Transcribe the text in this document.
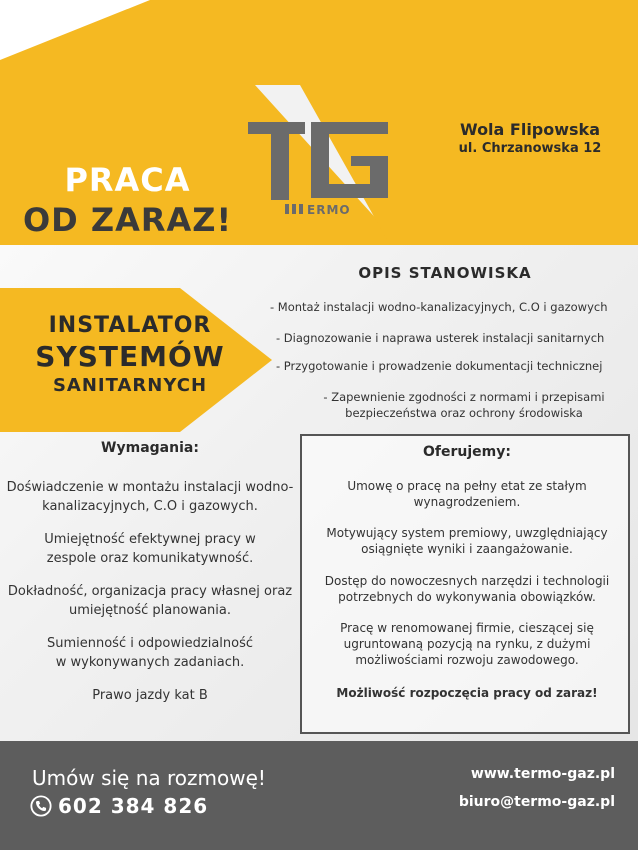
ERMO
PRACA
OD ZARAZ!
Wola Flipowska
ul. Chrzanowska 12
OPIS STANOWISKA
- Montaż instalacji wodno-kanalizacyjnych, C.O i gazowych
- Diagnozowanie i naprawa usterek instalacji sanitarnych
- Przygotowanie i prowadzenie dokumentacji technicznej
- Zapewnienie zgodności z normami i przepisami bezpieczeństwa oraz ochrony środowiska
INSTALATOR
SYSTEMÓW
SANITARNYCH
Wymagania:
Doświadczenie w montażu instalacji wodno-kanalizacyjnych, C.O i gazowych.
Umiejętność efektywnej pracy w zespole oraz komunikatywność.
Dokładność, organizacja pracy własnej oraz umiejętność planowania.
Sumienność i odpowiedzialność w wykonywanych zadaniach.
Prawo jazdy kat B
Oferujemy:
Umowę o pracę na pełny etat ze stałym wynagrodzeniem.
Motywujący system premiowy, uwzględniający osiągnięte wyniki i zaangażowanie.
Dostęp do nowoczesnych narzędzi i technologii potrzebnych do wykonywania obowiązków.
Pracę w renomowanej firmie, cieszącej się ugruntowaną pozycją na rynku, z dużymi możliwościami rozwoju zawodowego.
Możliwość rozpoczęcia pracy od zaraz!
Umów się na rozmowę!
602 384 826
www.termo-gaz.pl
biuro@termo-gaz.pl
